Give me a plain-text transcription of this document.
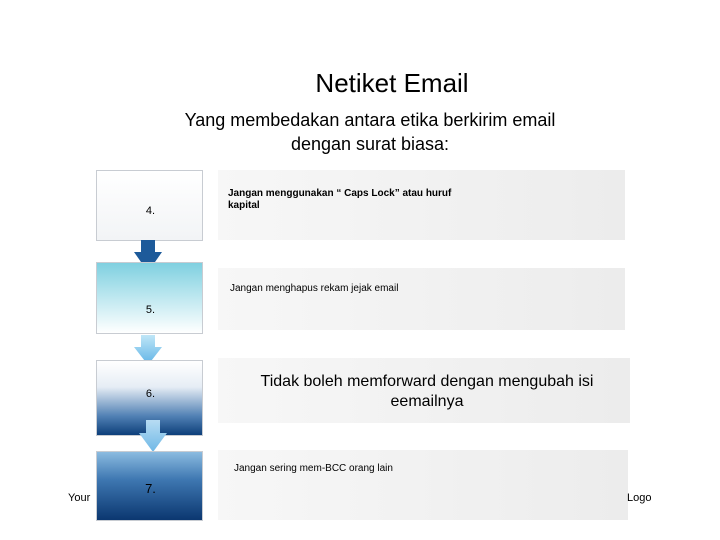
Netiket Email
Yang membedakan antara etika berkirim email dengan surat biasa:
4.
Jangan menggunakan “ Caps Lock” atau huruf kapital
5.
Jangan menghapus rekam jejak email
6.
Tidak boleh memforward dengan mengubah isi eemailnya
7.
Jangan sering mem-BCC orang lain
Your	Logo
